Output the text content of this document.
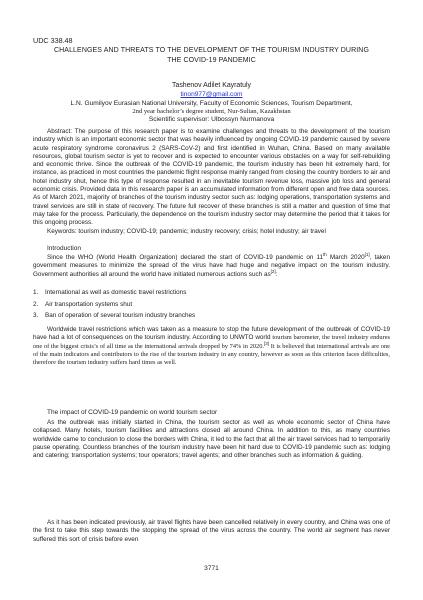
UDC 338.48
CHALLENGES AND THREATS TO THE DEVELOPMENT OF THE TOURISM INDUSTRY DURING THE COVID-19 PANDEMIC
Tashenov Adilet Kayratuly
tinon977@gmail.com
L.N. Gumilyov Eurasian National University, Faculty of Economic Sciences, Tourism Department,
2nd year bachelor’s degree student, Nur-Sultan, Kazakhstan
Scientific supervisor: Ulbossyn Nurmanova
Abstract: The purpose of this research paper is to examine challenges and threats to the development of the tourism industry which is an important economic sector that was heavily influenced by ongoing COVID-19 pandemic caused by severe acute respiratory syndrome coronavirus 2 (SARS-CoV-2) and first identified in Wuhan, China. Based on many available resources, global tourism sector is yet to recover and is expected to encounter various obstacles on a way for self-rebuilding and economic thrive. Since the outbreak of the COVID-19 pandemic, the tourism industry has been hit extremely hard, for instance, as practiced in most countries the pandemic flight response mainly ranged from closing the country borders to air and hotel industry shut, hence this type of response resulted in an inevitable tourism revenue loss, massive job loss and general economic crisis. Provided data in this research paper is an accumulated information from different open and free data sources. As of March 2021, majority of branches of the tourism industry sector such as: lodging operations, transportation systems and travel services are still in state of recovery. The future full recover of these branches is still a matter and question of time that may take for the process. Particularly, the dependence on the tourism industry sector may determine the period that it takes for this ongoing process.
Keywords: tourism industry; COVID-19; pandemic; industry recovery; crisis; hotel industry; air travel
Introduction
Since the WHO (World Health Organization) declared the start of COVID-19 pandemic on 11th March 2020[1], taken government measures to minimize the spread of the virus have had huge and negative impact on the tourism industry. Government authorities all around the world have initiated numerous actions such as[2]:
1.	International as well as domestic travel restrictions
2.	Air transportation systems shut
3.	Ban of operation of several tourism industry branches
Worldwide travel restrictions which was taken as a measure to stop the future development of the outbreak of COVID-19 have had a lot of consequences on the tourism industry. According to UNWTO world tourism barometer, the travel industry endures one of the biggest crisis’s of all time as the international arrivals dropped by 74% in 2020.[3] It is believed that international arrivals are one of the main indicators and contributors to the rise of the tourism industry in any country, however as soon as this criterion faces difficulties, therefore the tourism industry suffers hard times as well.
The impact of COVID-19 pandemic on world tourism sector
As the outbreak was initially started in China, the tourism sector as well as whole economic sector of China have collapsed. Many hotels, tourism facilities and attractions closed all around China. In addition to this, as many countries worldwide came to conclusion to close the borders with China, it led to the fact that all the air travel services had to temporarily pause operating. Countless branches of the tourism industry have been hit hard due to COVID-19 pandemic such as: lodging and catering; transportation systems; tour operators; travel agents; and other branches such as information & guiding.
As it has been indicated previously, air travel flights have been cancelled relatively in every country, and China was one of the first to take this step towards the stopping the spread of the virus across the country. The world air segment has never suffered this sort of crisis before even
3771
